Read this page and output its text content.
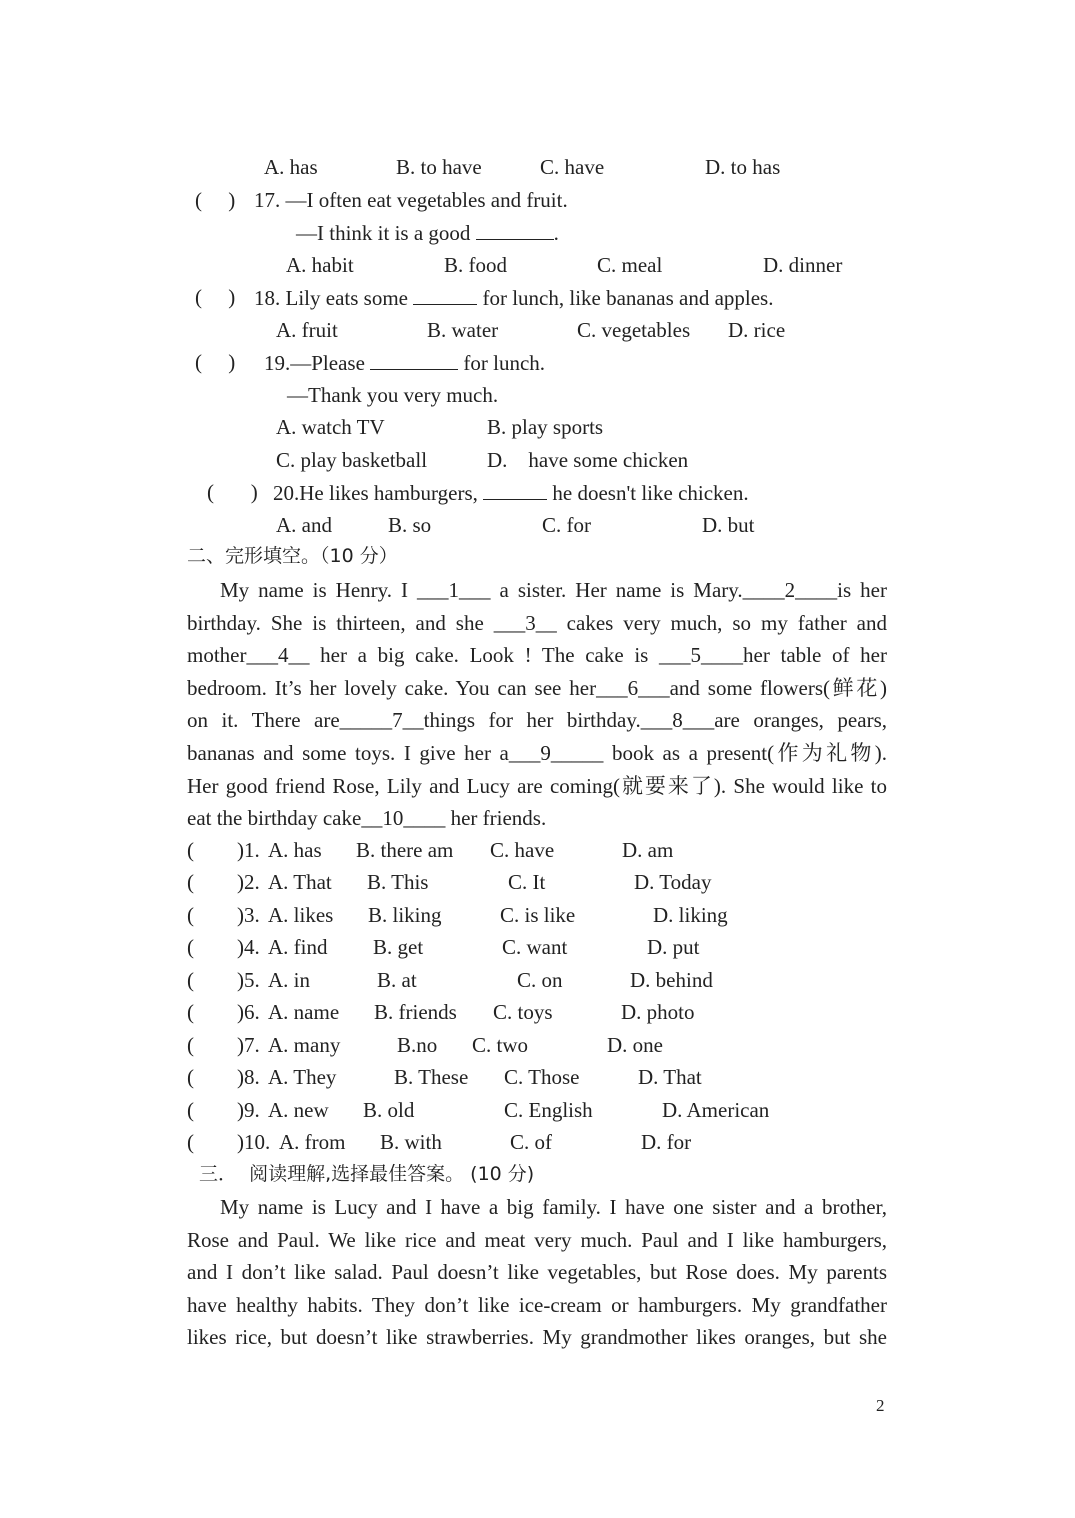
A. has	B. to have	C. have	D. to has
(     ) 17. —I often eat vegetables and fruit.
—I think it is a good	.
A. habit	B. food	C. meal	D. dinner
(     ) 18. Lily eats some	for lunch, like bananas and apples.
A. fruit	B. water	C. vegetables D. rice
(     ) 19.—Please	for lunch.
—Thank you very much.
A. watch TV	B. play sports
C. play basketball	D.    have some chicken
(       ) 20.He likes hamburgers,	he doesn't like chicken.
A. and	B. so	C. for	D. but
二、完形填空。（10 分）

My name is Henry. I ___1___ a sister. Her name is Mary.____2____is her

birthday. She is thirteen, and she ___3__ cakes very much, so my father and

mother___4__ her a big cake. Look ! The cake is ___5____her table of her

bedroom. It’s her lovely cake. You can see her___6___and some flowers(鲜花)

on it. There are_____7__things for her birthday.___8___are oranges, pears,

bananas and some toys. I give her a___9_____ book as a present(作为礼物).

Her good friend Rose, Lily and Lucy are coming(就要来了). She would like to

eat the birthday cake__10____ her friends.

( )1. A. has B. there am C. have	D. am
( )2. A. That B. This	C. It	D. Today
( )3. A. likes B. liking	C. is like	D. liking
( )4. A. find B. get	C. want	D. put
( )5. A. in	B. at	C. on	D. behind
( )6. A. name B. friends C. toys	D. photo
( )7. A. many	B.no C. two	D. one
( )8. A. They	B. These C. Those	D. That
( )9. A. new B. old	C. English	D. American
( )10. A. from B. with	C. of	D. for
三．  阅读理解,选择最佳答案。 (10 分)

My name is Lucy and I have a big family. I have one sister and a brother,

Rose and Paul. We like rice and meat very much. Paul and I like hamburgers,

and I don’t like salad. Paul doesn’t like vegetables, but Rose does. My parents

have healthy habits. They don’t like ice-cream or hamburgers. My grandfather

likes rice, but doesn’t like strawberries. My grandmother likes oranges, but she

2
